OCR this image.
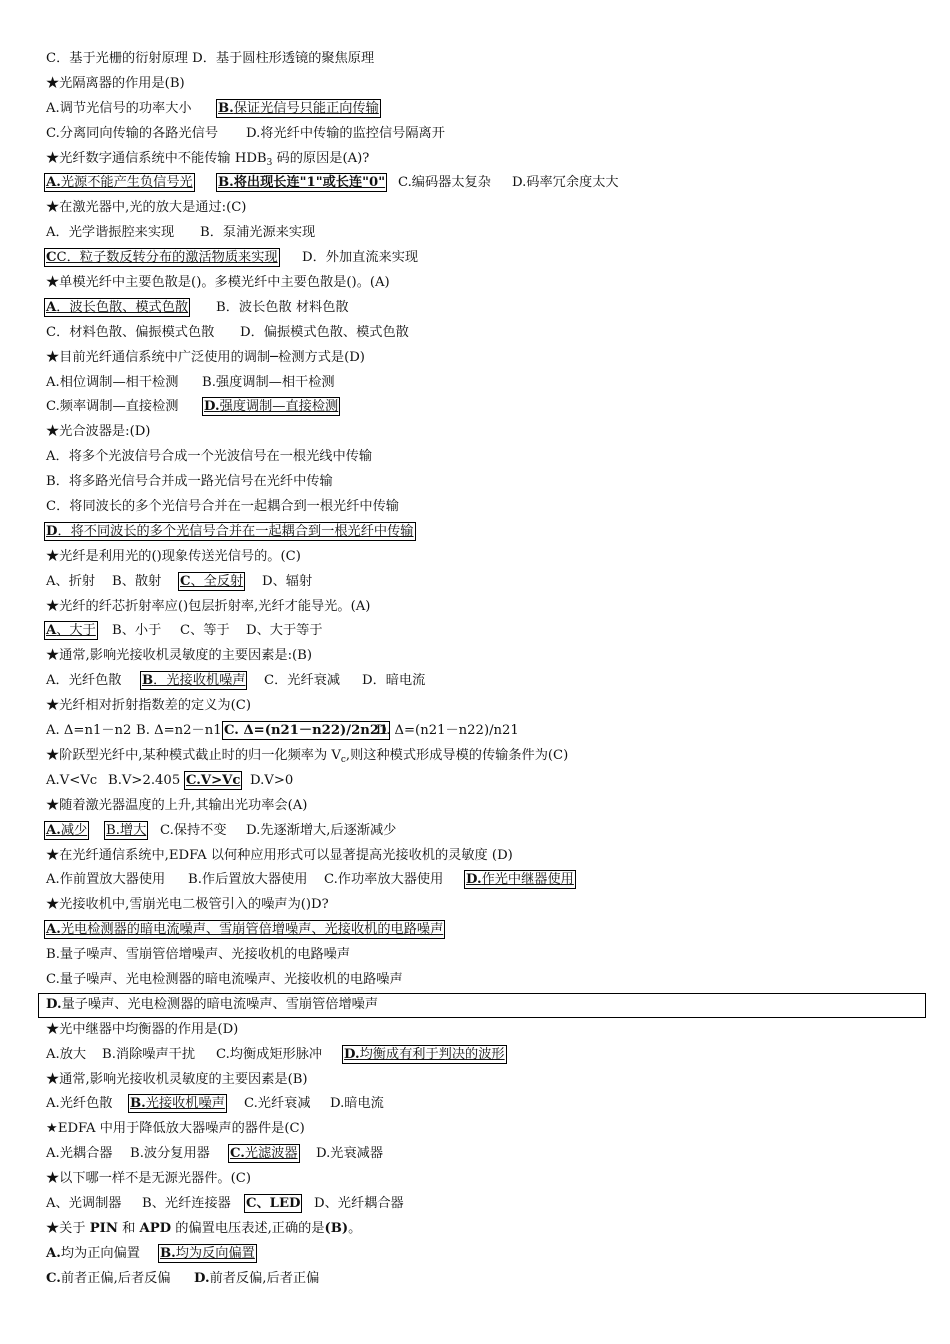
C．基于光栅的衍射原理 D．基于圆柱形透镜的聚焦原理
★光隔离器的作用是(B)
A.调节光信号的功率大小 B.保证光信号只能正向传输
C.分离同向传输的各路光信号 D.将光纤中传输的监控信号隔离开
★光纤数字通信系统中不能传输 $HDB_3$ 码的原因是(A)?
A.光源不能产生负信号光 B.将出现长连"1"或长连"0" C.编码器太复杂 D.码率冗余度太大
★在激光器中,光的放大是通过:(C)
A．光学谐振腔来实现 B．泵浦光源来实现
CC．粒子数反转分布的激活物质来实现 D．外加直流来实现
★单模光纤中主要色散是()。多模光纤中主要色散是()。(A)
A．波长色散、模式色散 B．波长色散 材料色散
C．材料色散、偏振模式色散 D．偏振模式色散、模式色散
★目前光纤通信系统中广泛使用的调制─检测方式是(D)
A.相位调制—相干检测 B.强度调制—相干检测
C.频率调制—直接检测 D.强度调制—直接检测
★光合波器是:(D)
A．将多个光波信号合成一个光波信号在一根光线中传输
B．将多路光信号合并成一路光信号在光纤中传输
C．将同波长的多个光信号合并在一起耦合到一根光纤中传输
D．将不同波长的多个光信号合并在一起耦合到一根光纤中传输
★光纤是利用光的()现象传送光信号的。(C)
A、折射 B、散射 C、全反射 D、辐射
★光纤的纤芯折射率应()包层折射率,光纤才能导光。(A)
A、大于 B、小于 C、等于 D、大于等于
★通常,影响光接收机灵敏度的主要因素是:(B)
A．光纤色散 B．光接收机噪声 C．光纤衰减 D．暗电流
★光纤相对折射指数差的定义为(C)
A. Δ=n1－n2 B. Δ=n2－n1 C. Δ=(n21－n22)/2n21
D. Δ=(n21－n22)/n21
★阶跃型光纤中,某种模式截止时的归一化频率为 $V_c$,则这种模式形成导模的传输条件为(C)
A.V<Vc B.V>2.405 C.V>Vc D.V>0
★随着激光器温度的上升,其输出光功率会(A)
A.减少 B.增大 C.保持不变 D.先逐渐增大,后逐渐减少
★在光纤通信系统中,EDFA 以何种应用形式可以显著提高光接收机的灵敏度 (D)
A.作前置放大器使用 B.作后置放大器使用 C.作功率放大器使用 D.作光中继器使用
★光接收机中,雪崩光电二极管引入的噪声为()D?
A.光电检测器的暗电流噪声、雪崩管倍增噪声、光接收机的电路噪声
B.量子噪声、雪崩管倍增噪声、光接收机的电路噪声
C.量子噪声、光电检测器的暗电流噪声、光接收机的电路噪声
D.量子噪声、光电检测器的暗电流噪声、雪崩管倍增噪声
★光中继器中均衡器的作用是(D)
A.放大 B.消除噪声干扰 C.均衡成矩形脉冲 D.均衡成有利于判决的波形
★通常,影响光接收机灵敏度的主要因素是(B)
A.光纤色散 B.光接收机噪声 C.光纤衰减 D.暗电流
★EDFA 中用于降低放大器噪声的器件是(C)
A.光耦合器 B.波分复用器 C.光滤波器 D.光衰减器
★以下哪一样不是无源光器件。(C)
A、光调制器 B、光纤连接器 C、LED D、光纤耦合器
★关于 PIN 和 APD 的偏置电压表述,正确的是(B)。
A.均为正向偏置 B.均为反向偏置
C.前者正偏,后者反偏 D.前者反偏,后者正偏
